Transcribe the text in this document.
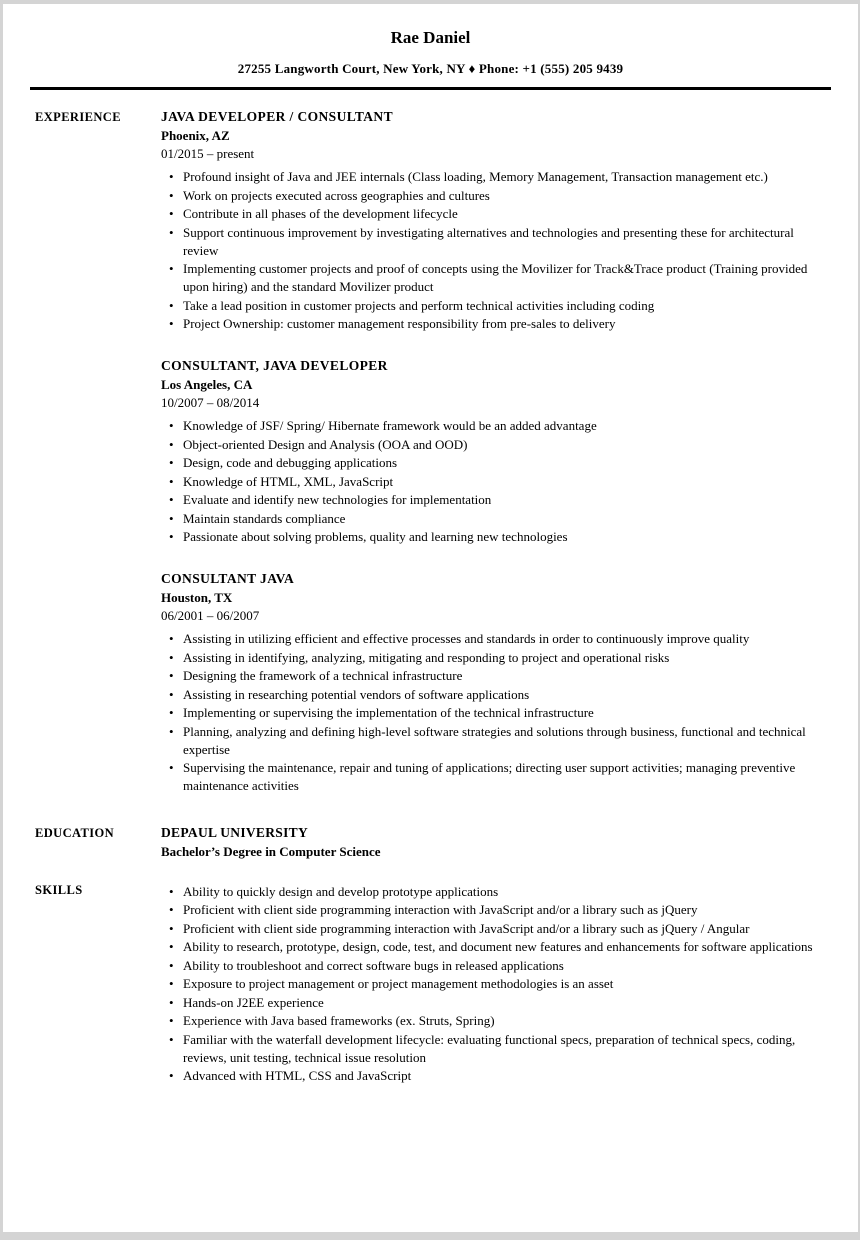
Rae Daniel
27255 Langworth Court, New York, NY ♦ Phone: +1 (555) 205 9439
EXPERIENCE	JAVA DEVELOPER / CONSULTANT
Phoenix, AZ
01/2015 – present
• Profound insight of Java and JEE internals (Class loading, Memory Management, Transaction management etc.)
• Work on projects executed across geographies and cultures
• Contribute in all phases of the development lifecycle
• Support continuous improvement by investigating alternatives and technologies and presenting these for architectural review
• Implementing customer projects and proof of concepts using the Movilizer for Track&Trace product (Training provided upon hiring) and the standard Movilizer product
• Take a lead position in customer projects and perform technical activities including coding
• Project Ownership: customer management responsibility from pre-sales to delivery
CONSULTANT, JAVA DEVELOPER
Los Angeles, CA
10/2007 – 08/2014
• Knowledge of JSF/ Spring/ Hibernate framework would be an added advantage
• Object-oriented Design and Analysis (OOA and OOD)
• Design, code and debugging applications
• Knowledge of HTML, XML, JavaScript
• Evaluate and identify new technologies for implementation
• Maintain standards compliance
• Passionate about solving problems, quality and learning new technologies
CONSULTANT JAVA
Houston, TX
06/2001 – 06/2007
• Assisting in utilizing efficient and effective processes and standards in order to continuously improve quality
• Assisting in identifying, analyzing, mitigating and responding to project and operational risks
• Designing the framework of a technical infrastructure
• Assisting in researching potential vendors of software applications
• Implementing or supervising the implementation of the technical infrastructure
• Planning, analyzing and defining high-level software strategies and solutions through business, functional and technical expertise
• Supervising the maintenance, repair and tuning of applications; directing user support activities; managing preventive maintenance activities
EDUCATION	DEPAUL UNIVERSITY
Bachelor’s Degree in Computer Science
SKILLS	• Ability to quickly design and develop prototype applications
• Proficient with client side programming interaction with JavaScript and/or a library such as jQuery
• Proficient with client side programming interaction with JavaScript and/or a library such as jQuery / Angular
• Ability to research, prototype, design, code, test, and document new features and enhancements for software applications
• Ability to troubleshoot and correct software bugs in released applications
• Exposure to project management or project management methodologies is an asset
• Hands-on J2EE experience
• Experience with Java based frameworks (ex. Struts, Spring)
• Familiar with the waterfall development lifecycle: evaluating functional specs, preparation of technical specs, coding, reviews, unit testing, technical issue resolution
• Advanced with HTML, CSS and JavaScript
